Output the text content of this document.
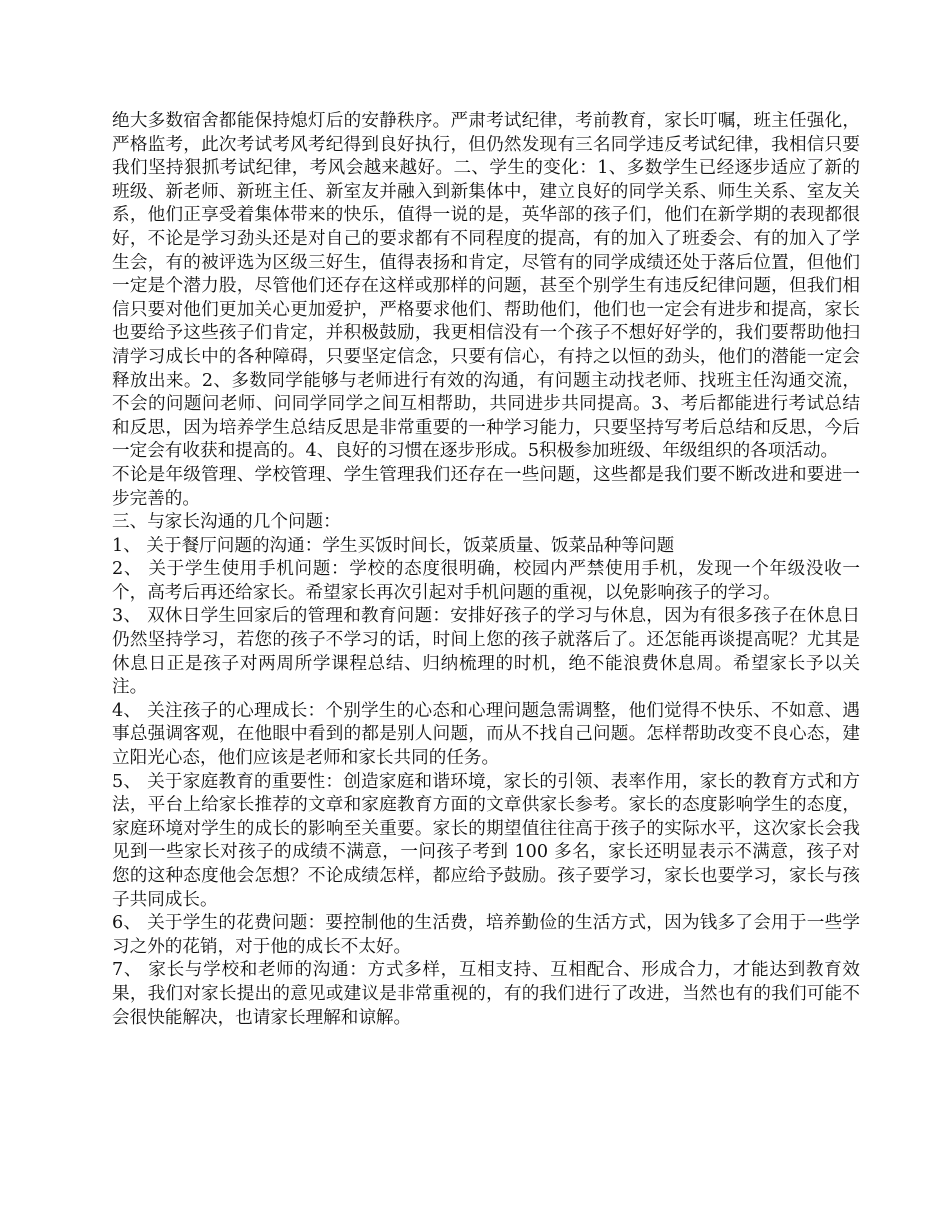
绝大多数宿舍都能保持熄灯后的安静秩序。严肃考试纪律，考前教育，家长叮嘱，班主任强化，严格监考，此次考试考风考纪得到良好执行，但仍然发现有三名同学违反考试纪律，我相信只要我们坚持狠抓考试纪律，考风会越来越好。二、学生的变化：1、多数学生已经逐步适应了新的班级、新老师、新班主任、新室友并融入到新集体中，建立良好的同学关系、师生关系、室友关系，他们正享受着集体带来的快乐，值得一说的是，英华部的孩子们，他们在新学期的表现都很好，不论是学习劲头还是对自己的要求都有不同程度的提高，有的加入了班委会、有的加入了学生会，有的被评选为区级三好生，值得表扬和肯定，尽管有的同学成绩还处于落后位置，但他们一定是个潜力股，尽管他们还存在这样或那样的问题，甚至个别学生有违反纪律问题，但我们相信只要对他们更加关心更加爱护，严格要求他们、帮助他们，他们也一定会有进步和提高，家长也要给予这些孩子们肯定，并积极鼓励，我更相信没有一个孩子不想好好学的，我们要帮助他扫清学习成长中的各种障碍，只要坚定信念，只要有信心，有持之以恒的劲头，他们的潜能一定会释放出来。2、多数同学能够与老师进行有效的沟通，有问题主动找老师、找班主任沟通交流，不会的问题问老师、问同学同学之间互相帮助，共同进步共同提高。3、考后都能进行考试总结和反思，因为培养学生总结反思是非常重要的一种学习能力，只要坚持写考后总结和反思，今后一定会有收获和提高的。4、良好的习惯在逐步形成。5积极参加班级、年级组织的各项活动。

不论是年级管理、学校管理、学生管理我们还存在一些问题，这些都是我们要不断改进和要进一步完善的。

三、与家长沟通的几个问题：

1、 关于餐厅问题的沟通：学生买饭时间长，饭菜质量、饭菜品种等问题

2、 关于学生使用手机问题：学校的态度很明确，校园内严禁使用手机，发现一个年级没收一个，高考后再还给家长。希望家长再次引起对手机问题的重视，以免影响孩子的学习。

3、 双休日学生回家后的管理和教育问题：安排好孩子的学习与休息，因为有很多孩子在休息日仍然坚持学习，若您的孩子不学习的话，时间上您的孩子就落后了。还怎能再谈提高呢？尤其是休息日正是孩子对两周所学课程总结、归纳梳理的时机，绝不能浪费休息周。希望家长予以关注。

4、 关注孩子的心理成长：个别学生的心态和心理问题急需调整，他们觉得不快乐、不如意、遇事总强调客观，在他眼中看到的都是别人问题，而从不找自己问题。怎样帮助改变不良心态，建立阳光心态，他们应该是老师和家长共同的任务。

5、 关于家庭教育的重要性：创造家庭和谐环境，家长的引领、表率作用，家长的教育方式和方法，平台上给家长推荐的文章和家庭教育方面的文章供家长参考。家长的态度影响学生的态度，家庭环境对学生的成长的影响至关重要。家长的期望值往往高于孩子的实际水平，这次家长会我见到一些家长对孩子的成绩不满意，一问孩子考到 100 多名，家长还明显表示不满意，孩子对您的这种态度他会怎想？不论成绩怎样，都应给予鼓励。孩子要学习，家长也要学习，家长与孩子共同成长。

6、 关于学生的花费问题：要控制他的生活费，培养勤俭的生活方式，因为钱多了会用于一些学习之外的花销，对于他的成长不太好。

7、 家长与学校和老师的沟通：方式多样，互相支持、互相配合、形成合力，才能达到教育效果，我们对家长提出的意见或建议是非常重视的，有的我们进行了改进，当然也有的我们可能不会很快能解决，也请家长理解和谅解。
